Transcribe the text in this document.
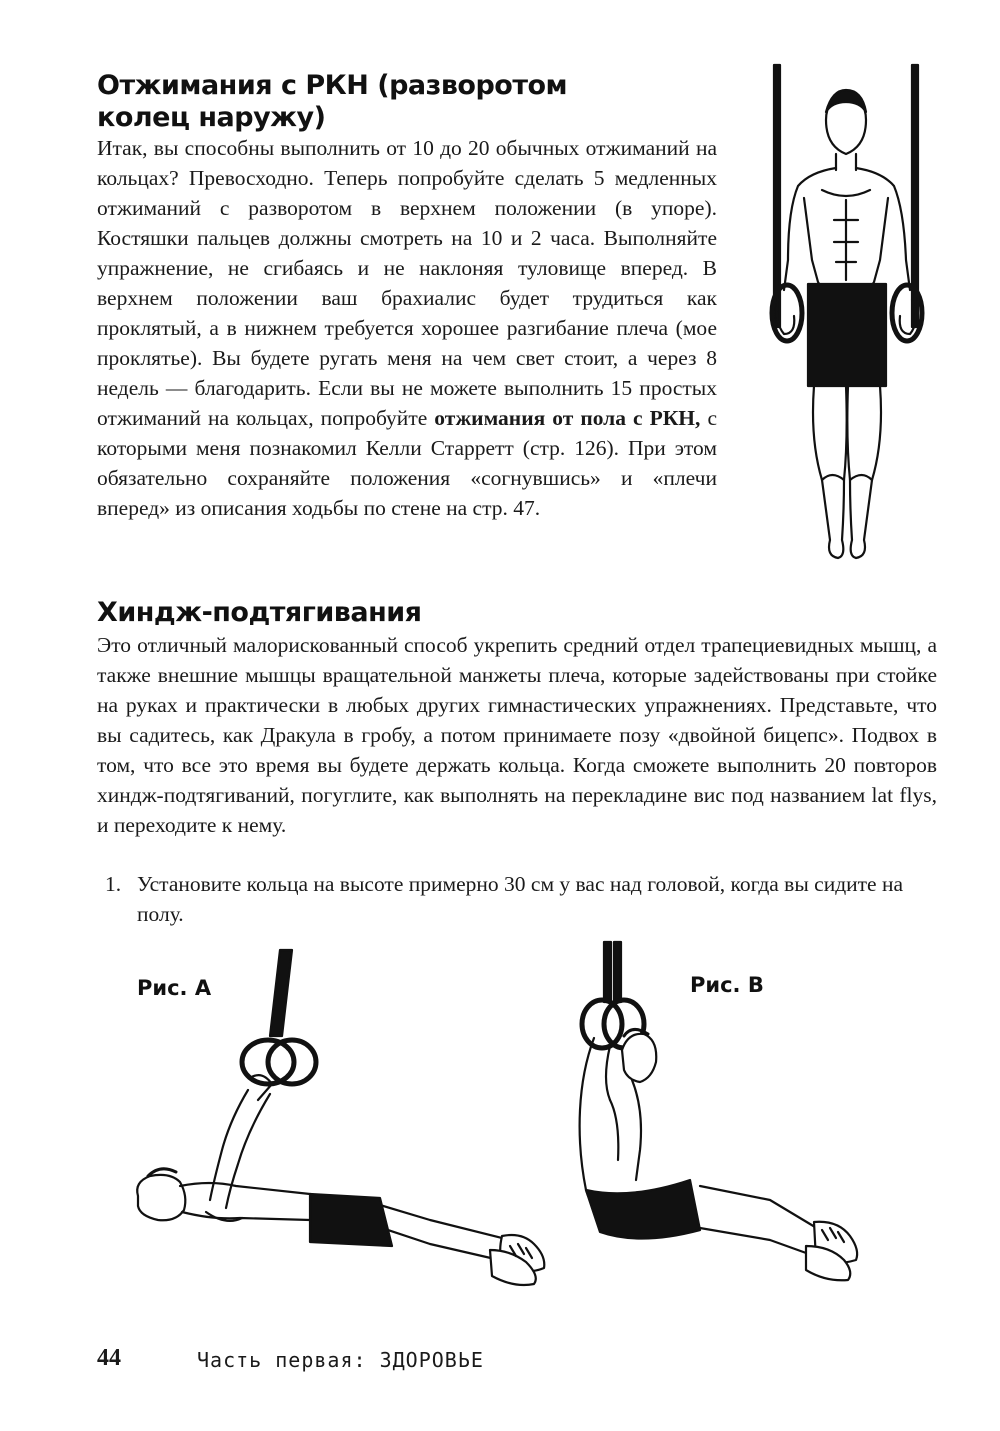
Отжимания с РКН (разворотом колец наружу)

Итак, вы способны выполнить от 10 до 20 обычных отжиманий на кольцах? Превосходно. Теперь попробуйте сделать 5 медленных отжиманий с разворотом в верхнем положении (в упоре). Костяшки пальцев должны смотреть на 10 и 2 часа. Выполняйте упражнение, не сгибаясь и не наклоняя туловище вперед. В верхнем положении ваш брахиалис будет трудиться как проклятый, а в нижнем требуется хорошее разгибание плеча (мое проклятье). Вы будете ругать меня на чем свет стоит, а через 8 недель — благодарить. Если вы не можете выполнить 15 простых отжиманий на кольцах, попробуйте отжимания от пола с РКН, с которыми меня познакомил Келли Старретт (стр. 126). При этом обязательно сохраняйте положения «согнувшись» и «плечи вперед» из описания ходьбы по стене на стр. 47.

Хиндж-подтягивания

Это отличный малорискованный способ укрепить средний отдел трапециевидных мышц, а также внешние мышцы вращательной манжеты плеча, которые задействованы при стойке на руках и практически в любых других гимнастических упражнениях. Представьте, что вы садитесь, как Дракула в гробу, а потом принимаете позу «двойной бицепс». Подвох в том, что все это время вы будете держать кольца. Когда сможете выполнить 20 повторов хиндж-подтягиваний, погуглите, как выполнять на перекладине вис под названием lat flys, и переходите к нему.

1. Установите кольца на высоте примерно 30 см у вас над головой, когда вы сидите на полу.
Рис. А	Рис. В
44	Часть первая: ЗДОРОВЬЕ
